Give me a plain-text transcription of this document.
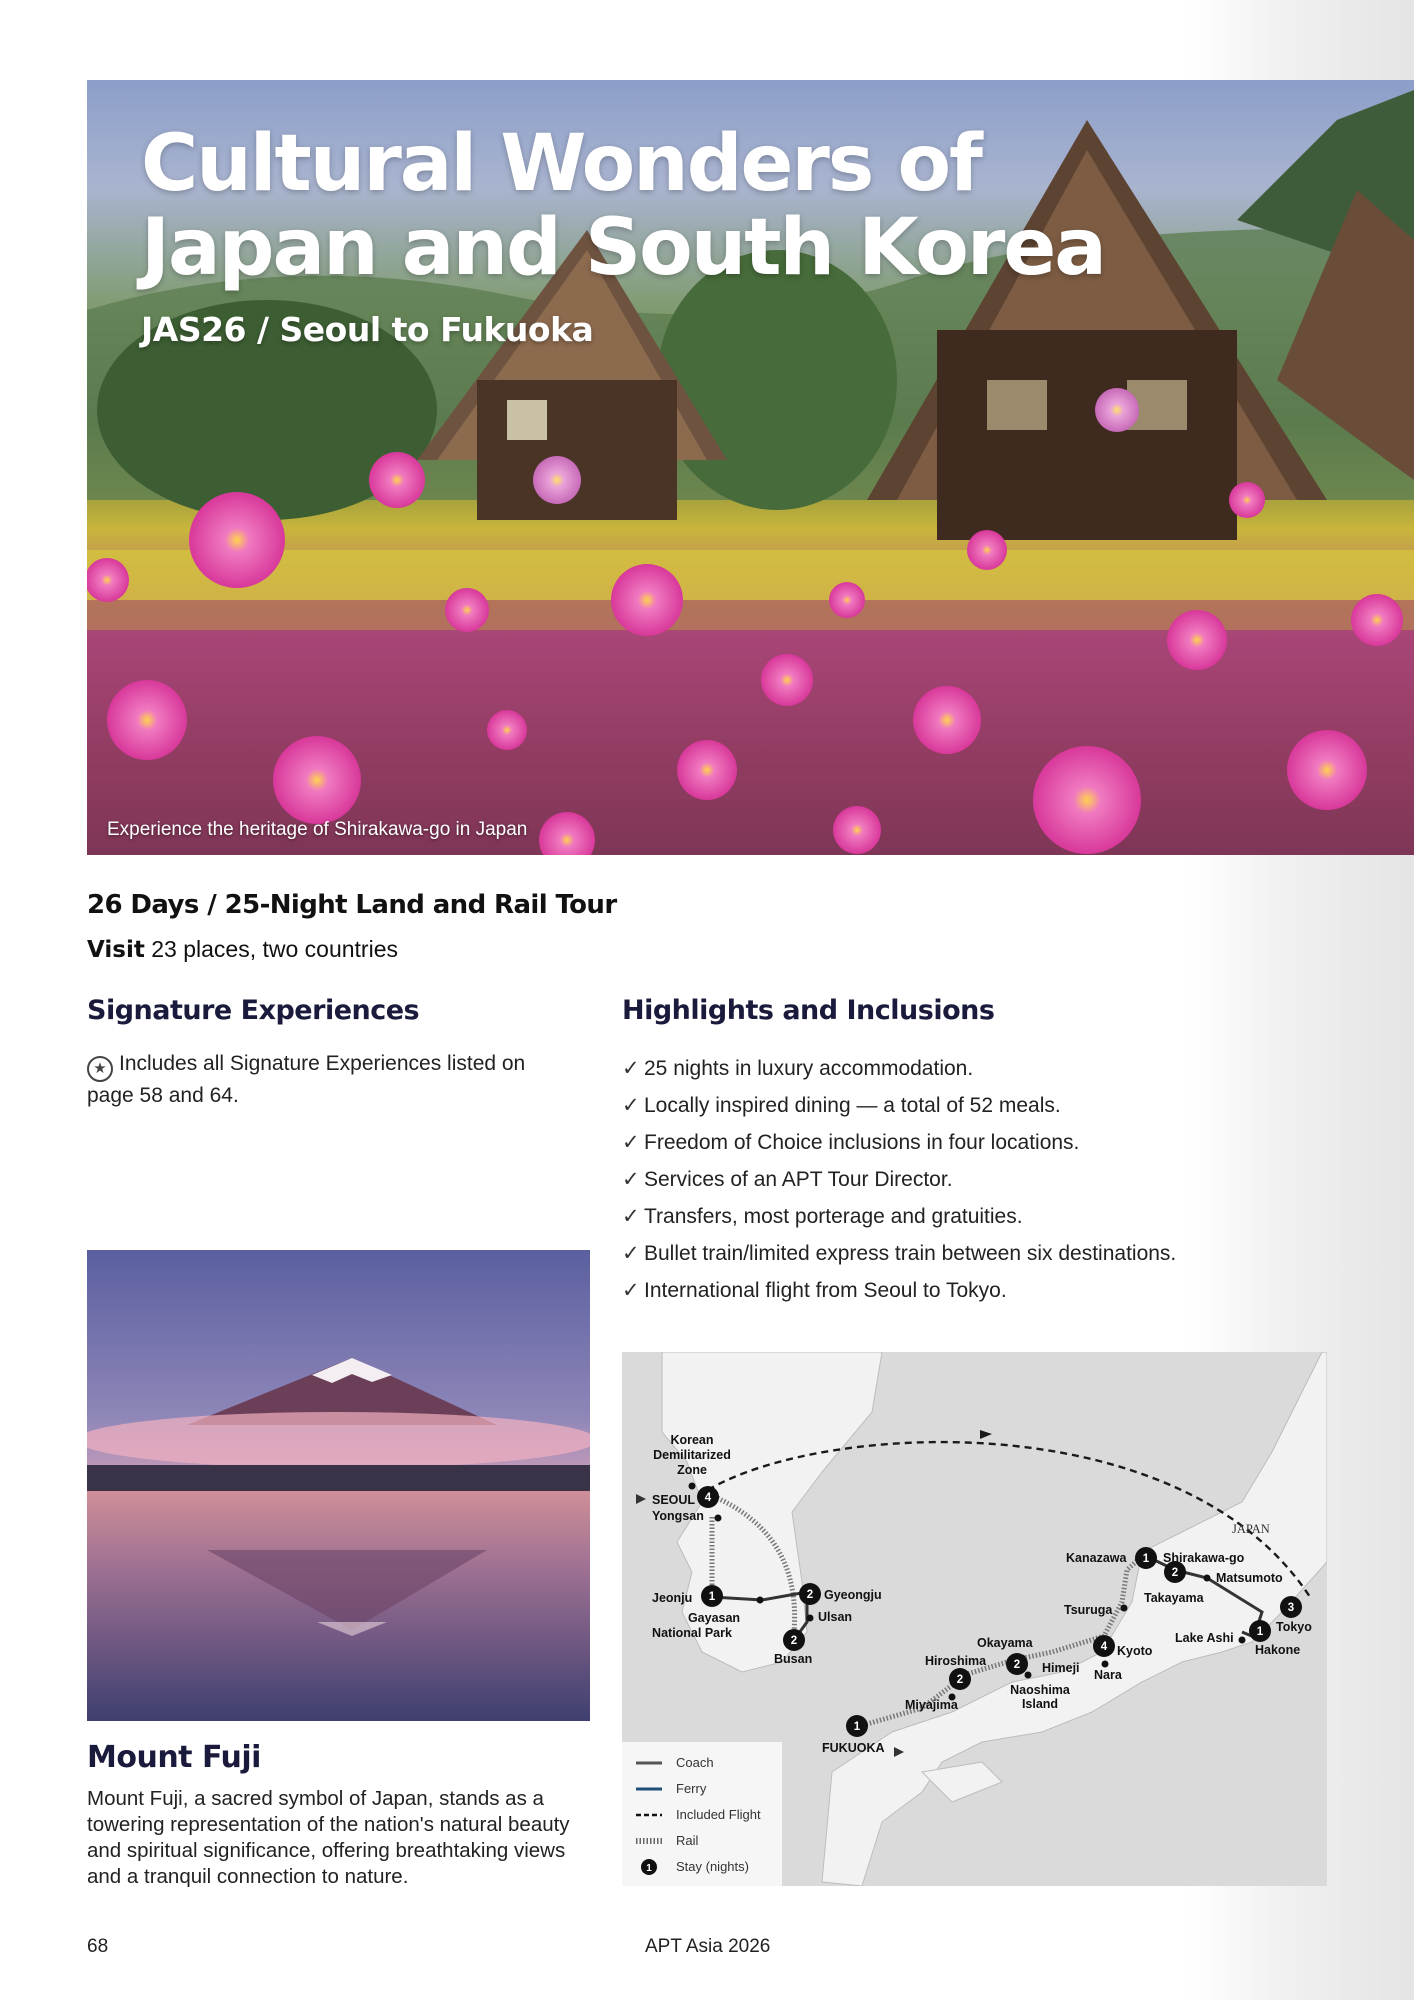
Cultural Wonders of Japan and South Korea

JAS26 / Seoul to Fukuoka

Experience the heritage of Shirakawa-go in Japan

26 Days / 25-Night Land and Rail Tour

Visit 23 places, two countries
Signature Experiences
★ Includes all Signature Experiences listed on page 58 and 64.
Highlights and Inclusions
✓ 25 nights in luxury accommodation.
✓ Locally inspired dining — a total of 52 meals.
✓ Freedom of Choice inclusions in four locations.
✓ Services of an APT Tour Director.
✓ Transfers, most porterage and gratuities.
✓ Bullet train/limited express train between six destinations.
✓ International flight from Seoul to Tokyo.
Mount Fuji

Mount Fuji, a sacred symbol of Japan, stands as a towering representation of the nation's natural beauty and spiritual significance, offering breathtaking views and a tranquil connection to nature.

4
1	2
2
1
2
3
1
4
2
2
1
Korean Demilitarized Zone
SEOUL
Yongsan
Jeonju
Gayasan National Park
Gyeongju
Ulsan
Busan
Kanazawa	Shirakawa-go
Takayama
Matsumoto
Tsuruga
Tokyo
Lake Ashi
Hakone
Okayama
Kyoto
Hiroshima	Himeji Nara
Naoshima Island
Miyajima
FUKUOKA
JAPAN
1
Coach
Ferry
Included Flight
Rail
Stay (nights)
68	APT Asia 2026
